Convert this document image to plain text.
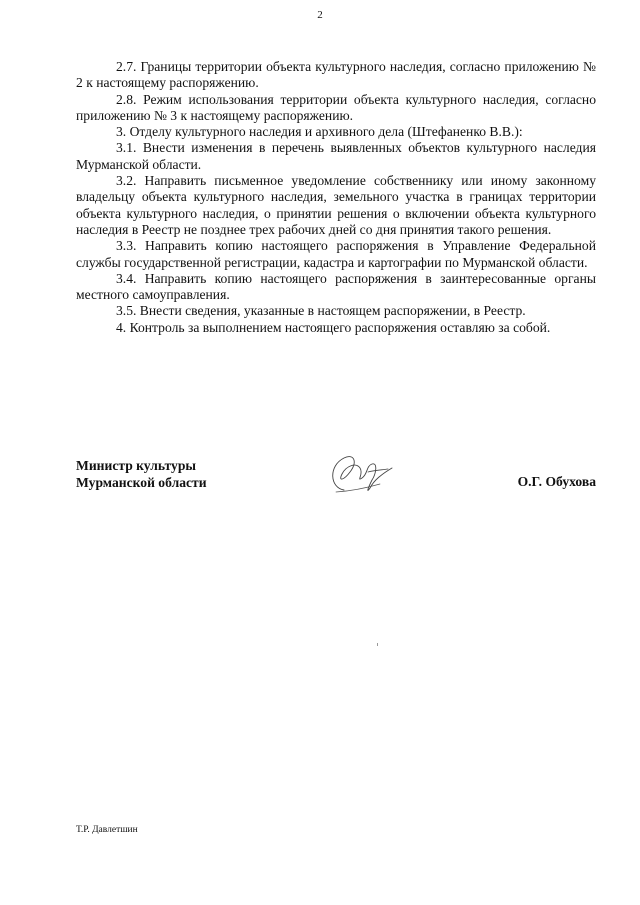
2

2.7. Границы территории объекта культурного наследия, согласно приложению № 2 к настоящему распоряжению.

2.8. Режим использования территории объекта культурного наследия, согласно приложению № 3 к настоящему распоряжению.

3. Отделу культурного наследия и архивного дела (Штефаненко В.В.):

3.1. Внести изменения в перечень выявленных объектов культурного наследия Мурманской области.

3.2. Направить письменное уведомление собственнику или иному законному владельцу объекта культурного наследия, земельного участка в границах территории объекта культурного наследия, о принятии решения о включении объекта культурного наследия в Реестр не позднее трех рабочих дней со дня принятия такого решения.

3.3. Направить копию настоящего распоряжения в Управление Федеральной службы государственной регистрации, кадастра и картографии по Мурманской области.

3.4. Направить копию настоящего распоряжения в заинтересованные органы местного самоуправления.

3.5. Внести сведения, указанные в настоящем распоряжении, в Реестр.

4. Контроль за выполнением настоящего распоряжения оставляю за собой.

Министр культуры
Мурманской области	О.Г. Обухова
Т.Р. Давлетшин
